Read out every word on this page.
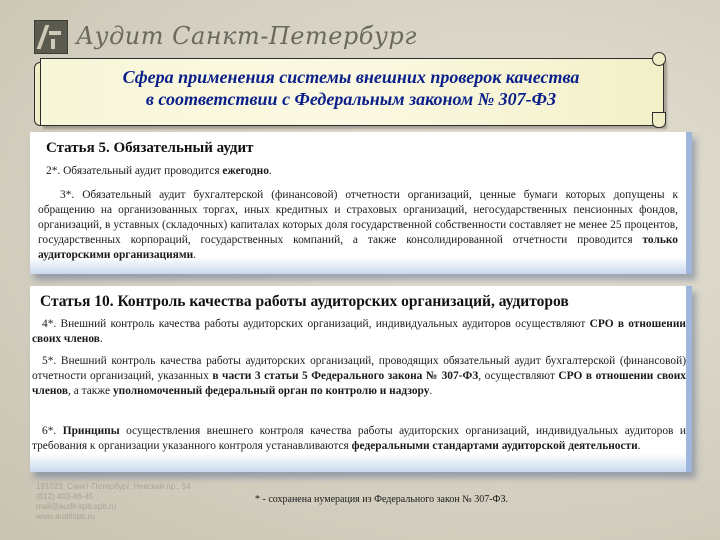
Аудит Санкт-Петербург
Сфера применения системы внешних проверок качества
в соответствии с Федеральным законом № 307-ФЗ
Статья 5. Обязательный аудит
2*. Обязательный аудит проводится ежегодно.
3*. Обязательный аудит бухгалтерской (финансовой) отчетности организаций, ценные бумаги которых допущены к обращению на организованных торгах, иных кредитных и страховых организаций, негосударственных пенсионных фондов, организаций, в уставных (складочных) капиталах которых доля государственной собственности составляет не менее 25 процентов, государственных корпораций, государственных компаний, а также консолидированной отчетности проводится только аудиторскими организациями.
Статья 10. Контроль качества работы аудиторских организаций, аудиторов
4*. Внешний контроль качества работы аудиторских организаций, индивидуальных аудиторов осуществляют СРО в отношении своих членов.
5*. Внешний контроль качества работы аудиторских организаций, проводящих обязательный аудит бухгалтерской (финансовой) отчетности организаций, указанных в части 3 статьи 5 Федерального закона № 307-ФЗ, осуществляют СРО в отношении своих членов, а также уполномоченный федеральный орган по контролю и надзору.
6*. Принципы осуществления внешнего контроля качества работы аудиторских организаций, индивидуальных аудиторов и требования к организации указанного контроля устанавливаются федеральными стандартами аудиторской деятельности.
191023, Санкт-Петербург, Невский пр., 54
(812) 403-86-45
mail@audit-spb.spb.ru
www.auditspb.ru
* - сохранена нумерация из Федерального закон № 307-ФЗ.
